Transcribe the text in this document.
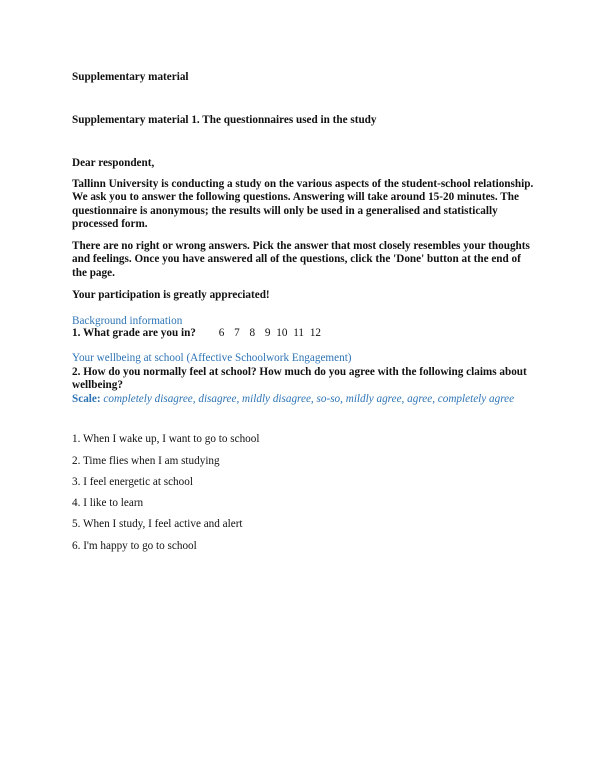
Supplementary material
Supplementary material 1. The questionnaires used in the study
Dear respondent,
Tallinn University is conducting a study on the various aspects of the student-school relationship. We ask you to answer the following questions. Answering will take around 15-20 minutes. The questionnaire is anonymous; the results will only be used in a generalised and statistically processed form.
There are no right or wrong answers. Pick the answer that most closely resembles your thoughts and feelings. Once you have answered all of the questions, click the 'Done' button at the end of the page.
Your participation is greatly appreciated!
Background information
1. What grade are you in? 6 7 8 9 10 11 12
Your wellbeing at school (Affective Schoolwork Engagement)
2. How do you normally feel at school? How much do you agree with the following claims about wellbeing?
Scale: completely disagree, disagree, mildly disagree, so-so, mildly agree, agree, completely agree
1. When I wake up, I want to go to school
2. Time flies when I am studying
3. I feel energetic at school
4. I like to learn
5. When I study, I feel active and alert
6. I'm happy to go to school
